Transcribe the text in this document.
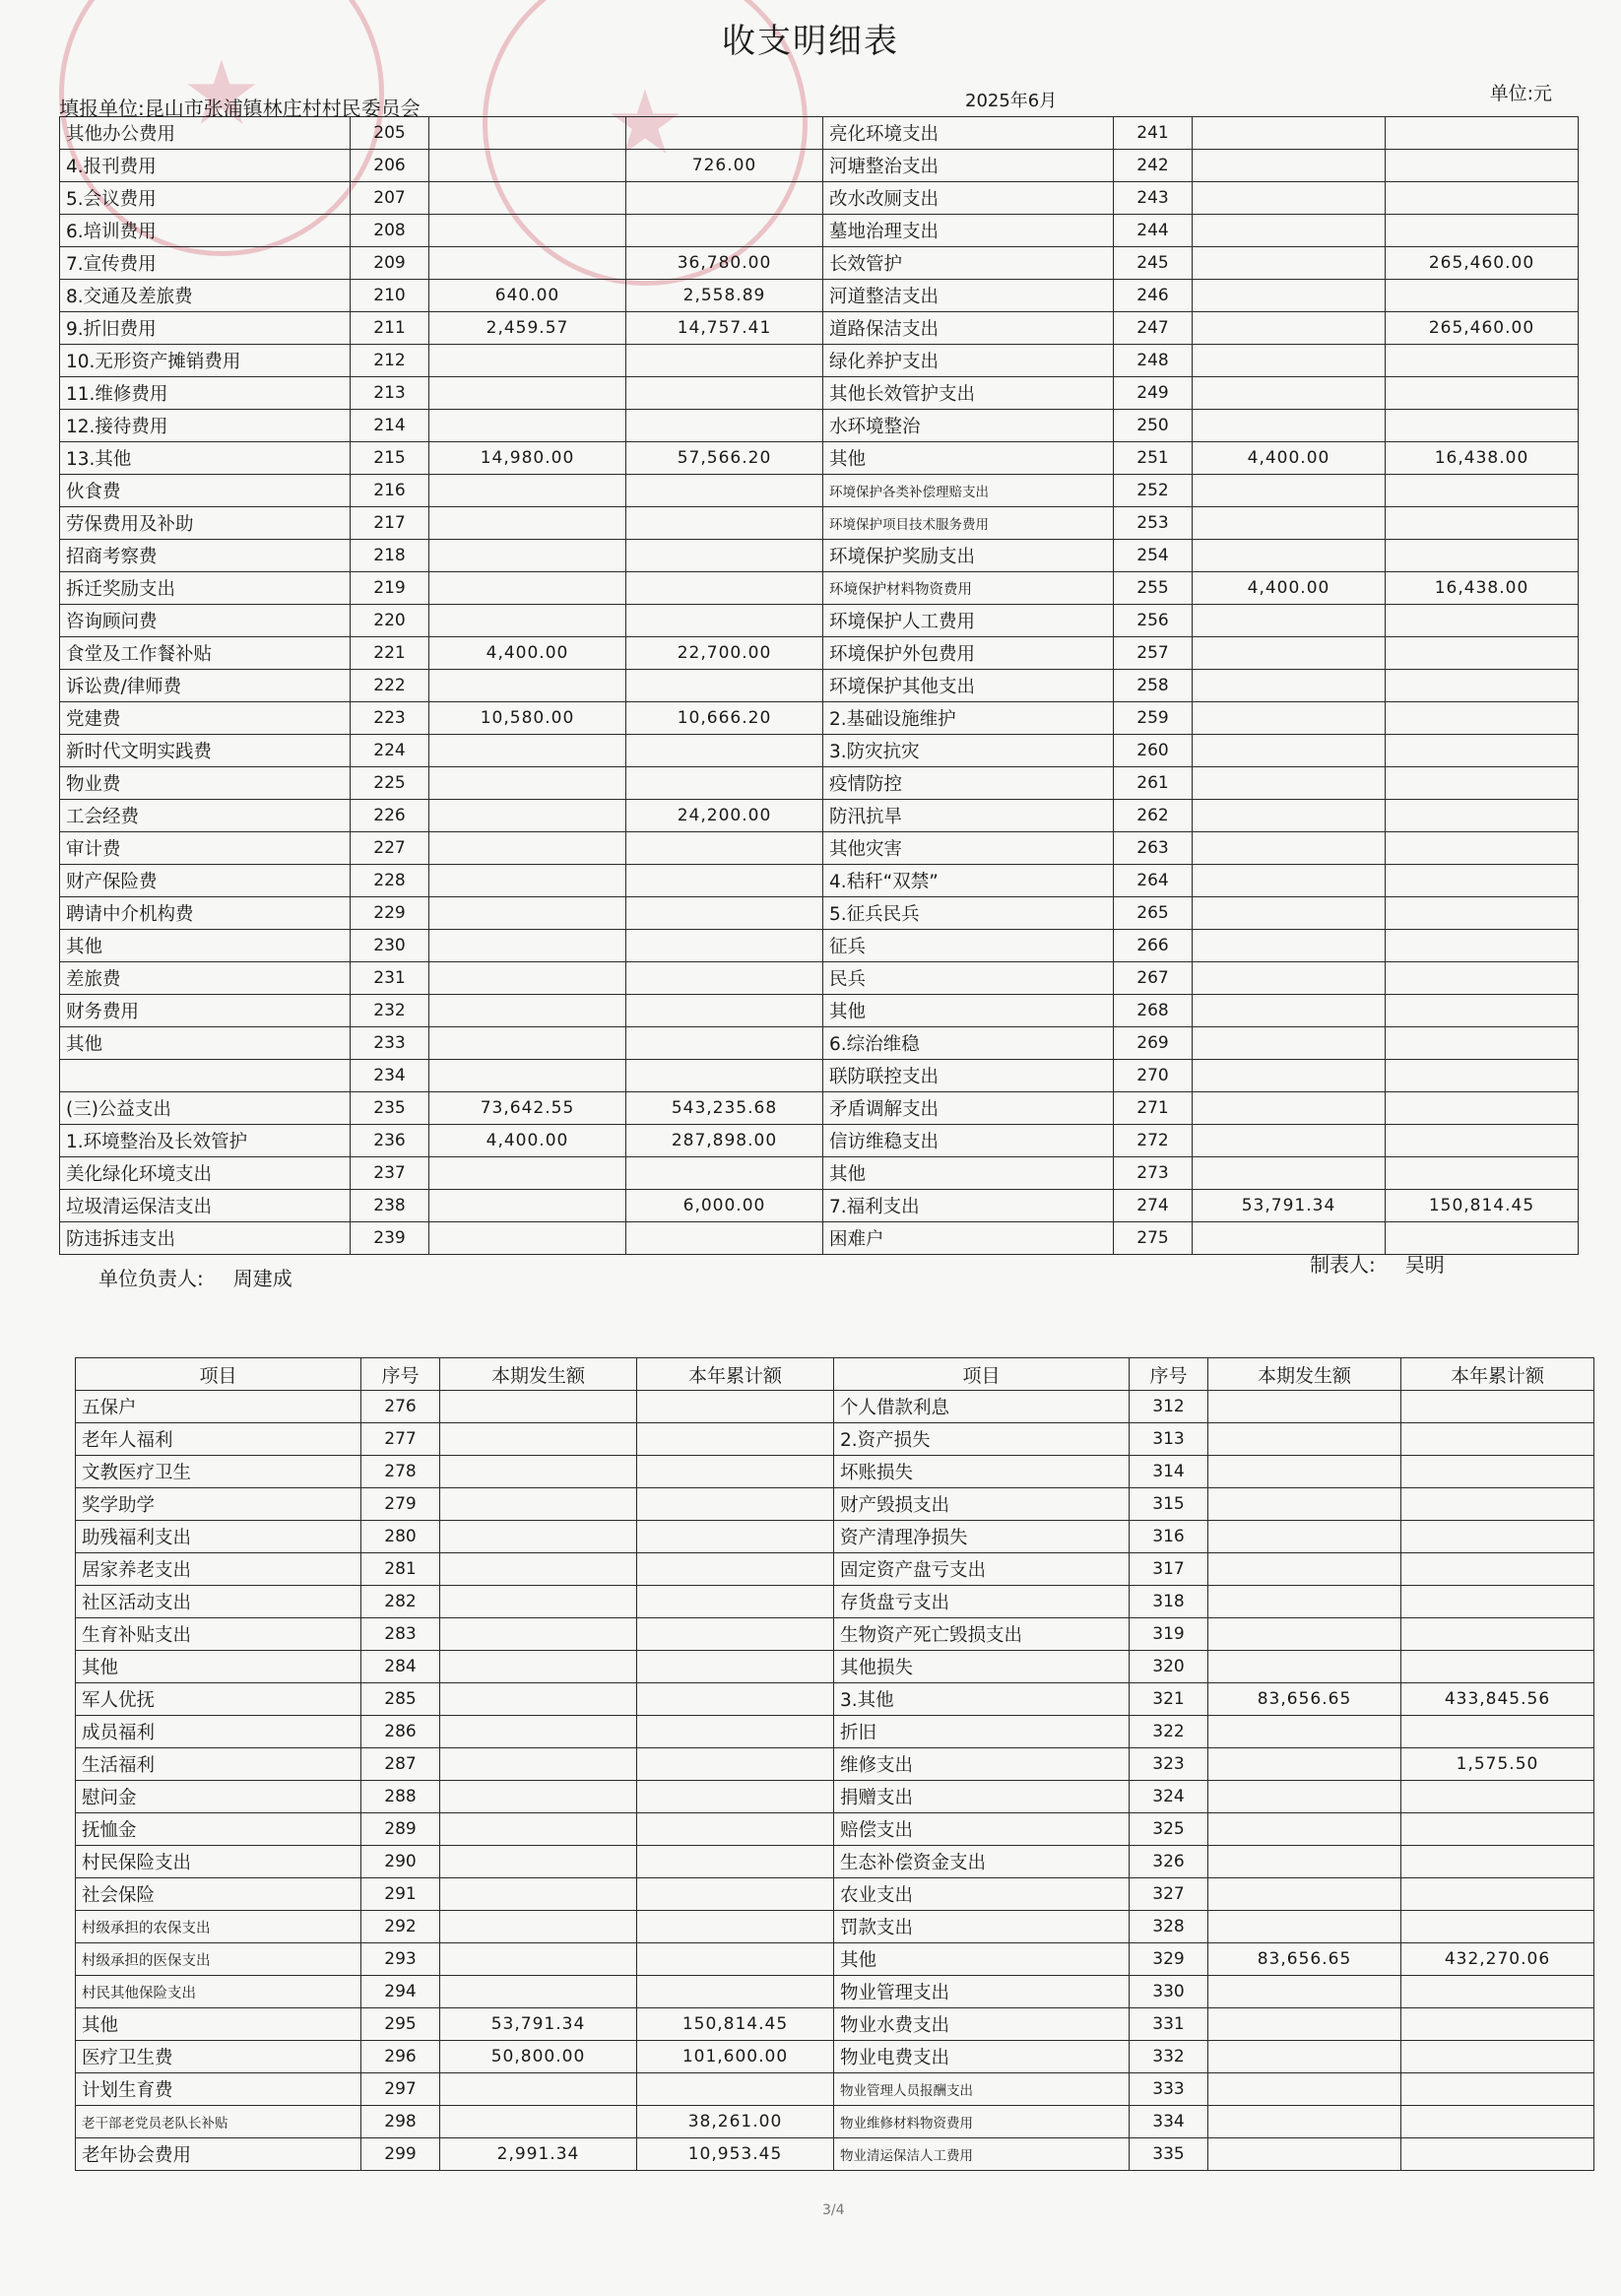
★	★
收支明细表
填报单位:昆山市张浦镇林庄村村民委员会	2025年6月	单位:元
其他办公费用	205			亮化环境支出	241		
4.报刊费用	206		726.00	河塘整治支出	242		
5.会议费用	207			改水改厕支出	243		
6.培训费用	208			墓地治理支出	244		
7.宣传费用	209		36,780.00	长效管护	245		265,460.00
8.交通及差旅费	210	640.00	2,558.89	河道整洁支出	246		
9.折旧费用	211	2,459.57	14,757.41	道路保洁支出	247		265,460.00
10.无形资产摊销费用	212			绿化养护支出	248		
11.维修费用	213			其他长效管护支出	249		
12.接待费用	214			水环境整治	250		
13.其他	215	14,980.00	57,566.20	其他	251	4,400.00	16,438.00
伙食费	216			环境保护各类补偿理赔支出	252		
劳保费用及补助	217			环境保护项目技术服务费用	253		
招商考察费	218			环境保护奖励支出	254		
拆迁奖励支出	219			环境保护材料物资费用	255	4,400.00	16,438.00
咨询顾问费	220			环境保护人工费用	256		
食堂及工作餐补贴	221	4,400.00	22,700.00	环境保护外包费用	257		
诉讼费/律师费	222			环境保护其他支出	258		
党建费	223	10,580.00	10,666.20	2.基础设施维护	259		
新时代文明实践费	224			3.防灾抗灾	260		
物业费	225			疫情防控	261		
工会经费	226		24,200.00	防汛抗旱	262		
审计费	227			其他灾害	263		
财产保险费	228			4.秸秆“双禁”	264		
聘请中介机构费	229			5.征兵民兵	265		
其他	230			征兵	266		
差旅费	231			民兵	267		
财务费用	232			其他	268		
其他	233			6.综治维稳	269		
	234			联防联控支出	270		
(三)公益支出	235	73,642.55	543,235.68	矛盾调解支出	271		
1.环境整治及长效管护	236	4,400.00	287,898.00	信访维稳支出	272		
美化绿化环境支出	237			其他	273		
垃圾清运保洁支出	238		6,000.00	7.福利支出	274	53,791.34	150,814.45
防违拆违支出	239			困难户	275		
单位负责人: 周建成
制表人: 吴明
项目	序号	本期发生额	本年累计额	项目	序号	本期发生额	本年累计额
五保户	276			个人借款利息	312		
老年人福利	277			2.资产损失	313		
文教医疗卫生	278			坏账损失	314		
奖学助学	279			财产毁损支出	315		
助残福利支出	280			资产清理净损失	316		
居家养老支出	281			固定资产盘亏支出	317		
社区活动支出	282			存货盘亏支出	318		
生育补贴支出	283			生物资产死亡毁损支出	319		
其他	284			其他损失	320		
军人优抚	285			3.其他	321	83,656.65	433,845.56
成员福利	286			折旧	322		
生活福利	287			维修支出	323		1,575.50
慰问金	288			捐赠支出	324		
抚恤金	289			赔偿支出	325		
村民保险支出	290			生态补偿资金支出	326		
社会保险	291			农业支出	327		
村级承担的农保支出	292			罚款支出	328		
村级承担的医保支出	293			其他	329	83,656.65	432,270.06
村民其他保险支出	294			物业管理支出	330		
其他	295	53,791.34	150,814.45	物业水费支出	331		
医疗卫生费	296	50,800.00	101,600.00	物业电费支出	332		
计划生育费	297			物业管理人员报酬支出	333		
老干部老党员老队长补贴	298		38,261.00	物业维修材料物资费用	334		
老年协会费用	299	2,991.34	10,953.45	物业清运保洁人工费用	335		
3/4
